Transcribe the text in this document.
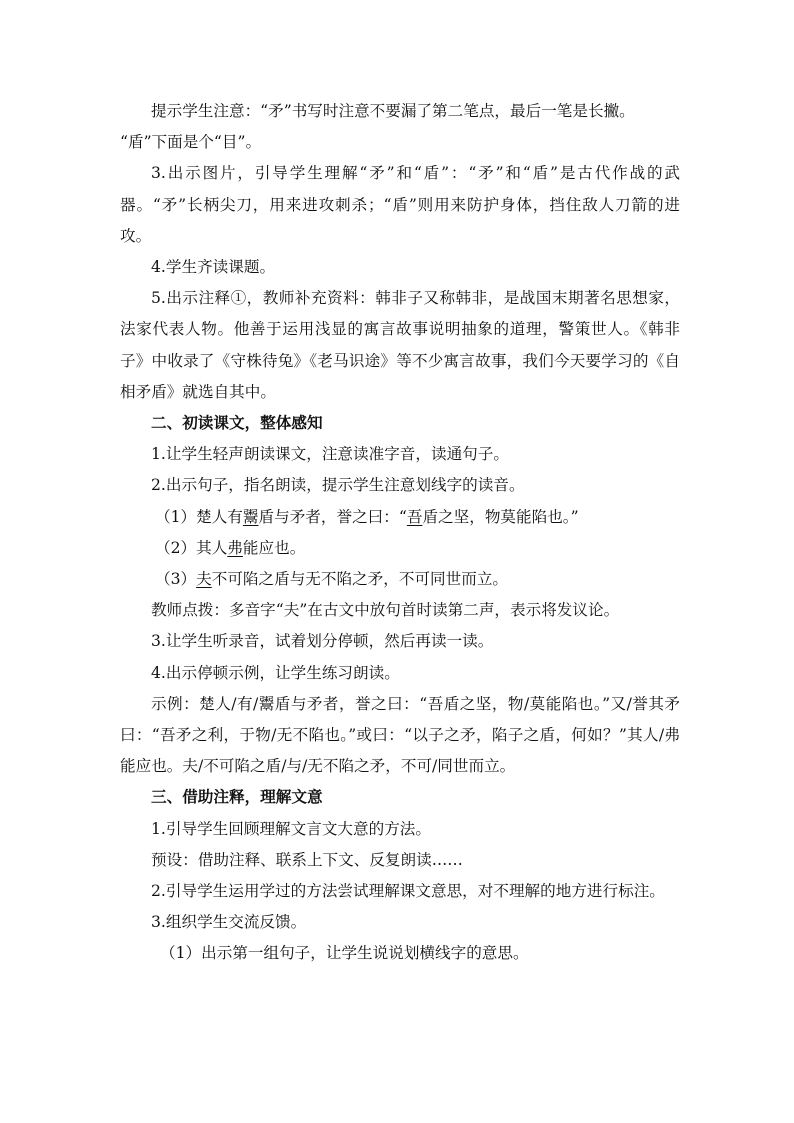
提示学生注意：“矛”书写时注意不要漏了第二笔点，最后一笔是长撇。

“盾”下面是个“目”。

3.出示图片，引导学生理解“矛”和“盾”：“矛”和“盾”是古代作战的武器。“矛”长柄尖刀，用来进攻刺杀；“盾”则用来防护身体，挡住敌人刀箭的进攻。

4.学生齐读课题。

5.出示注释①，教师补充资料：韩非子又称韩非，是战国末期著名思想家，法家代表人物。他善于运用浅显的寓言故事说明抽象的道理，警策世人。《韩非子》中收录了《守株待兔》《老马识途》等不少寓言故事，我们今天要学习的《自相矛盾》就选自其中。

二、初读课文，整体感知

1.让学生轻声朗读课文，注意读准字音，读通句子。

2.出示句子，指名朗读，提示学生注意划线字的读音。

（1）楚人有鬻盾与矛者，誉之曰：“吾盾之坚，物莫能陷也。”

（2）其人弗能应也。

（3）夫不可陷之盾与无不陷之矛，不可同世而立。

教师点拨：多音字“夫”在古文中放句首时读第二声，表示将发议论。

3.让学生听录音，试着划分停顿，然后再读一读。

4.出示停顿示例，让学生练习朗读。

示例：楚人/有/鬻盾与矛者，誉之曰：“吾盾之坚，物/莫能陷也。”又/誉其矛曰：“吾矛之利，于物/无不陷也。”或曰：“以子之矛，陷子之盾，何如？”其人/弗能应也。夫/不可陷之盾/与/无不陷之矛，不可/同世而立。

三、借助注释，理解文意

1.引导学生回顾理解文言文大意的方法。

预设：借助注释、联系上下文、反复朗读……

2.引导学生运用学过的方法尝试理解课文意思，对不理解的地方进行标注。

3.组织学生交流反馈。

（1）出示第一组句子，让学生说说划横线字的意思。
